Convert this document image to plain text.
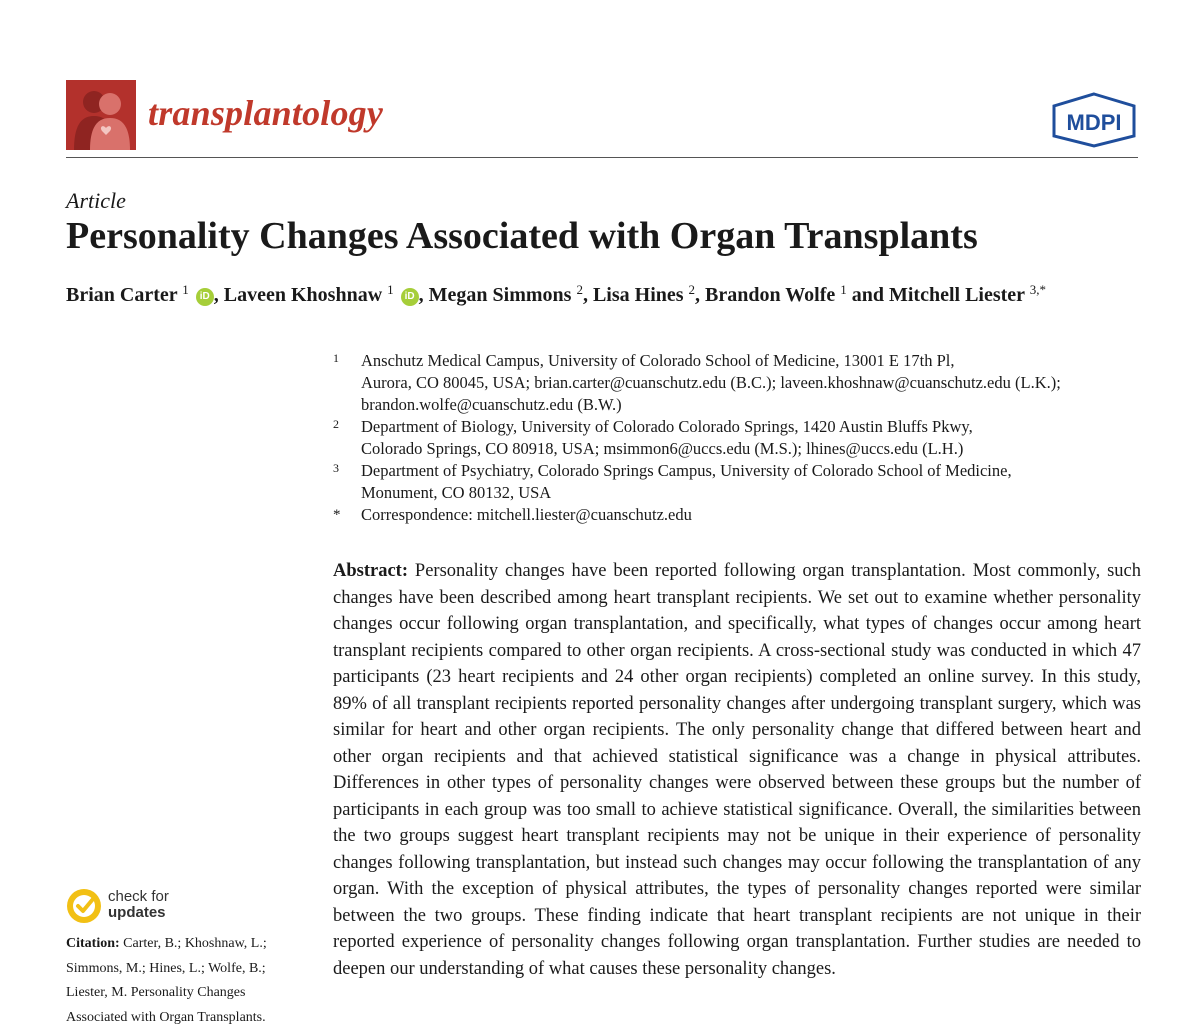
transplantology	MDPI
Article
Personality Changes Associated with Organ Transplants
Brian Carter $^1$ iD , Laveen Khoshnaw $^1$ iD , Megan Simmons $^2$, Lisa Hines $^2$, Brandon Wolfe $^1$ and Mitchell Liester $^{3,*}$
1 Anschutz Medical Campus, University of Colorado School of Medicine, 13001 E 17th Pl,
Aurora, CO 80045, USA; brian.carter@cuanschutz.edu (B.C.); laveen.khoshnaw@cuanschutz.edu (L.K.);
brandon.wolfe@cuanschutz.edu (B.W.)
2 Department of Biology, University of Colorado Colorado Springs, 1420 Austin Bluffs Pkwy,
Colorado Springs, CO 80918, USA; msimmon6@uccs.edu (M.S.); lhines@uccs.edu (L.H.)
3 Department of Psychiatry, Colorado Springs Campus, University of Colorado School of Medicine,
Monument, CO 80132, USA
* Correspondence: mitchell.liester@cuanschutz.edu

Abstract: Personality changes have been reported following organ transplantation. Most commonly, such changes have been described among heart transplant recipients. We set out to examine whether personality changes occur following organ transplantation, and specifically, what types of changes occur among heart transplant recipients compared to other organ recipients. A cross-sectional study was conducted in which 47 participants (23 heart recipients and 24 other organ recipients) completed an online survey. In this study, 89% of all transplant recipients reported personality changes after undergoing transplant surgery, which was similar for heart and other organ recipients. The only personality change that differed between heart and other organ recipients and that achieved statistical significance was a change in physical attributes. Differences in other types of personality changes were observed between these groups but the number of participants in each group was too small to achieve statistical significance. Overall, the similarities between the two groups suggest heart transplant recipients may not be unique in their experience of personality changes following transplantation, but instead such changes may occur following the transplantation of any organ. With the exception of physical attributes, the types of personality changes reported were similar between the two groups. These finding indicate that heart transplant recipients are not unique in their reported experience of personality changes following organ transplantation. Further studies are needed to deepen our understanding of what causes these personality changes.

check for
updates
Citation: Carter, B.; Khoshnaw, L.;
Simmons, M.; Hines, L.; Wolfe, B.;
Liester, M. Personality Changes
Associated with Organ Transplants.
